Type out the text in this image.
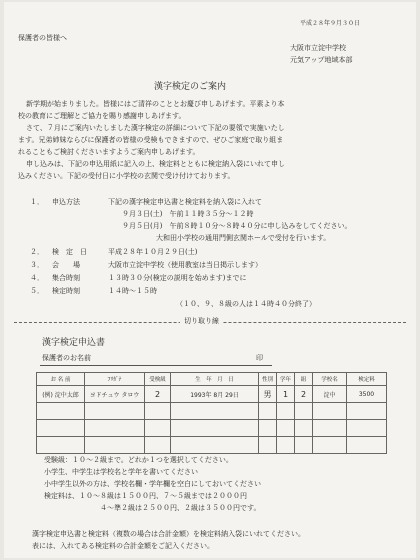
平成２８年９月３０日
保護者の皆様へ
大阪市立淀中学校
元気アップ地域本部
漢字検定のご案内
新学期が始まりました。皆様にはご清祥のこととお慶び申しあげます。平素より本
校の教育にご理解とご協力を賜り感謝申しあげます。
さて、７月にご案内いたしました漢字検定の詳細について下記の要領で実施いたし
ます。兄弟姉妹ならびに保護者の皆様の受検もできますので、ぜひご家庭で取り組ま
れることもご検討くださいますようご案内申しあげます。
申し込みは、下記の申込用紙に記入の上、検定料とともに検定納入袋にいれて申し
込みください。下記の受付日に小学校の玄関で受け付けております。
１． 申込方法	下記の漢字検定申込書と検定料を納入袋に入れて
９月３日(土)　午前１１時３５分～１２時
９月５日(月)　午前８時１０分～８時４０分に申し込みをしてください。
大和田小学校の通用門側玄関ホールで受付を行います。
２． 検　定　日	平成２８年１０月２９日(土)
３． 会　　場	大阪市立淀中学校（使用教室は当日掲示します）
４． 集合時刻	１３時３０分(検定の説明を始めます)までに
５． 検定時刻	１４時～１５時
（１０、９、８級の人は１４時４０分終了）
切り取り線
漢字検定申込書
保護者のお名前	印
お 名 前	ﾌﾘｶﾞﾅ	受検級	生　年　月　日	性別	学年	組	学校名	検定料
(例) 淀中太郎	ヨドチュウ タロウ	2	1993年 8月 29日	男	1	2	淀中	3500

受験級：１０～２級まで。どれか１つを選択してください。
小学生、中学生は学校名と学年を書いてください
小中学生以外の方は、学校名欄・学年欄を空白にしておいてください
検定料は、１０～８級は１５００円、７～５級までは２０００円
４～準２級は２５００円、２級は３５００円です。
漢字検定申込書と検定料（複数の場合は合計金額）を検定料納入袋にいれてください。
表には、入れてある検定料の合計金額をご記入ください。
